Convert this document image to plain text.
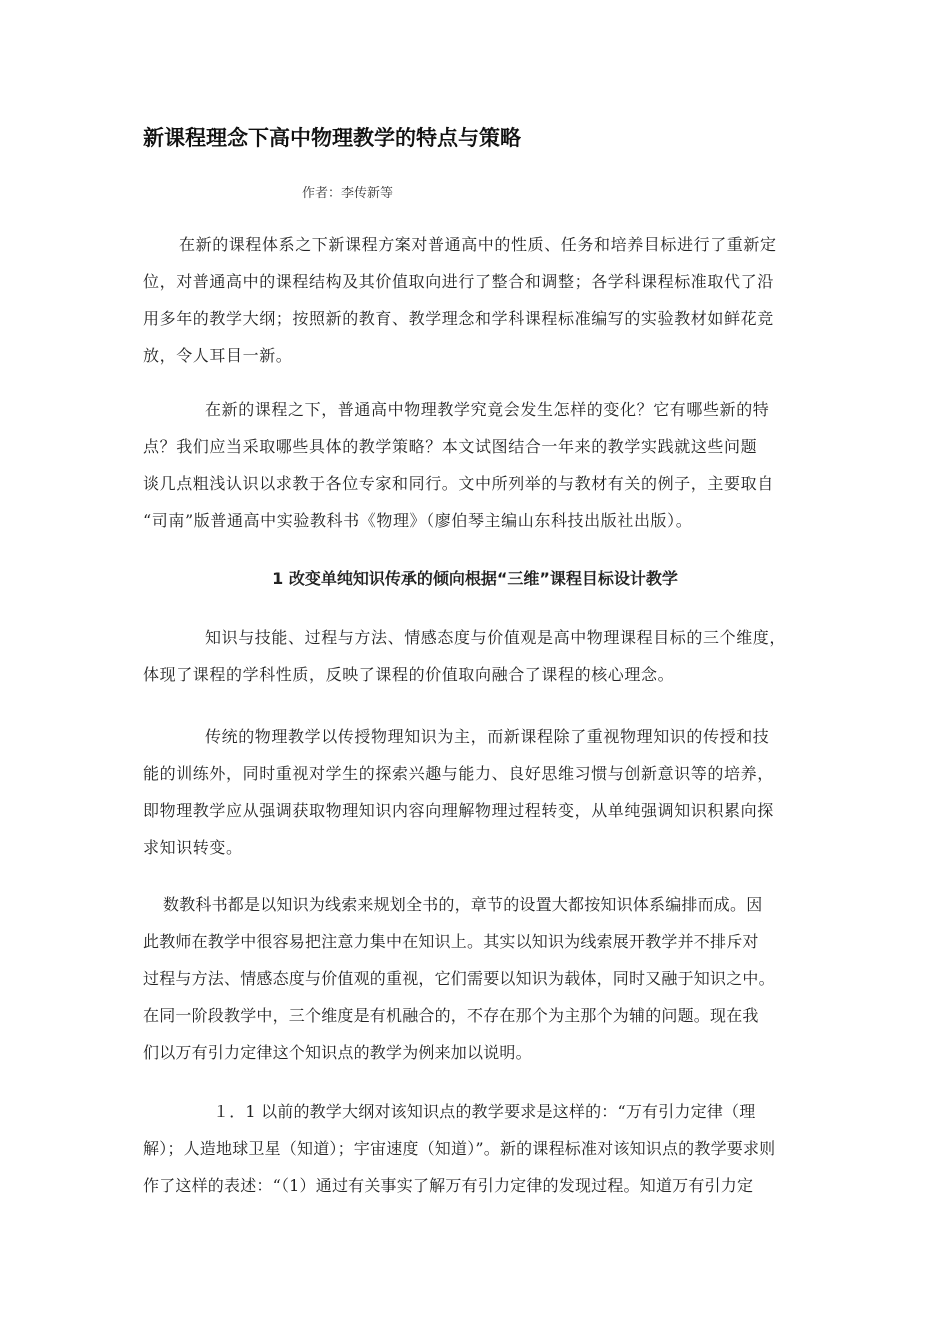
新课程理念下高中物理教学的特点与策略
作者：李传新等
在新的课程体系之下新课程方案对普通高中的性质、任务和培养目标进行了重新定
位，对普通高中的课程结构及其价值取向进行了整合和调整；各学科课程标准取代了沿
用多年的教学大纲；按照新的教育、教学理念和学科课程标准编写的实验教材如鲜花竞
放，令人耳目一新。
在新的课程之下，普通高中物理教学究竟会发生怎样的变化？它有哪些新的特
点？我们应当采取哪些具体的教学策略？本文试图结合一年来的教学实践就这些问题
谈几点粗浅认识以求教于各位专家和同行。文中所列举的与教材有关的例子，主要取自
“司南”版普通高中实验教科书《物理》（廖伯琴主编山东科技出版社出版）。
1 改变单纯知识传承的倾向根据“三维”课程目标设计教学
知识与技能、过程与方法、情感态度与价值观是高中物理课程目标的三个维度，
体现了课程的学科性质，反映了课程的价值取向融合了课程的核心理念。
传统的物理教学以传授物理知识为主，而新课程除了重视物理知识的传授和技
能的训练外，同时重视对学生的探索兴趣与能力、良好思维习惯与创新意识等的培养，
即物理教学应从强调获取物理知识内容向理解物理过程转变，从单纯强调知识积累向探
求知识转变。
数教科书都是以知识为线索来规划全书的，章节的设置大都按知识体系编排而成。因
此教师在教学中很容易把注意力集中在知识上。其实以知识为线索展开教学并不排斥对
过程与方法、情感态度与价值观的重视，它们需要以知识为载体，同时又融于知识之中。
在同一阶段教学中，三个维度是有机融合的，不存在那个为主那个为辅的问题。现在我
们以万有引力定律这个知识点的教学为例来加以说明。
１．1 以前的教学大纲对该知识点的教学要求是这样的：“万有引力定律（理
解）；人造地球卫星（知道）；宇宙速度（知道）”。新的课程标准对该知识点的教学要求则
作了这样的表述：“（1）通过有关事实了解万有引力定律的发现过程。知道万有引力定
